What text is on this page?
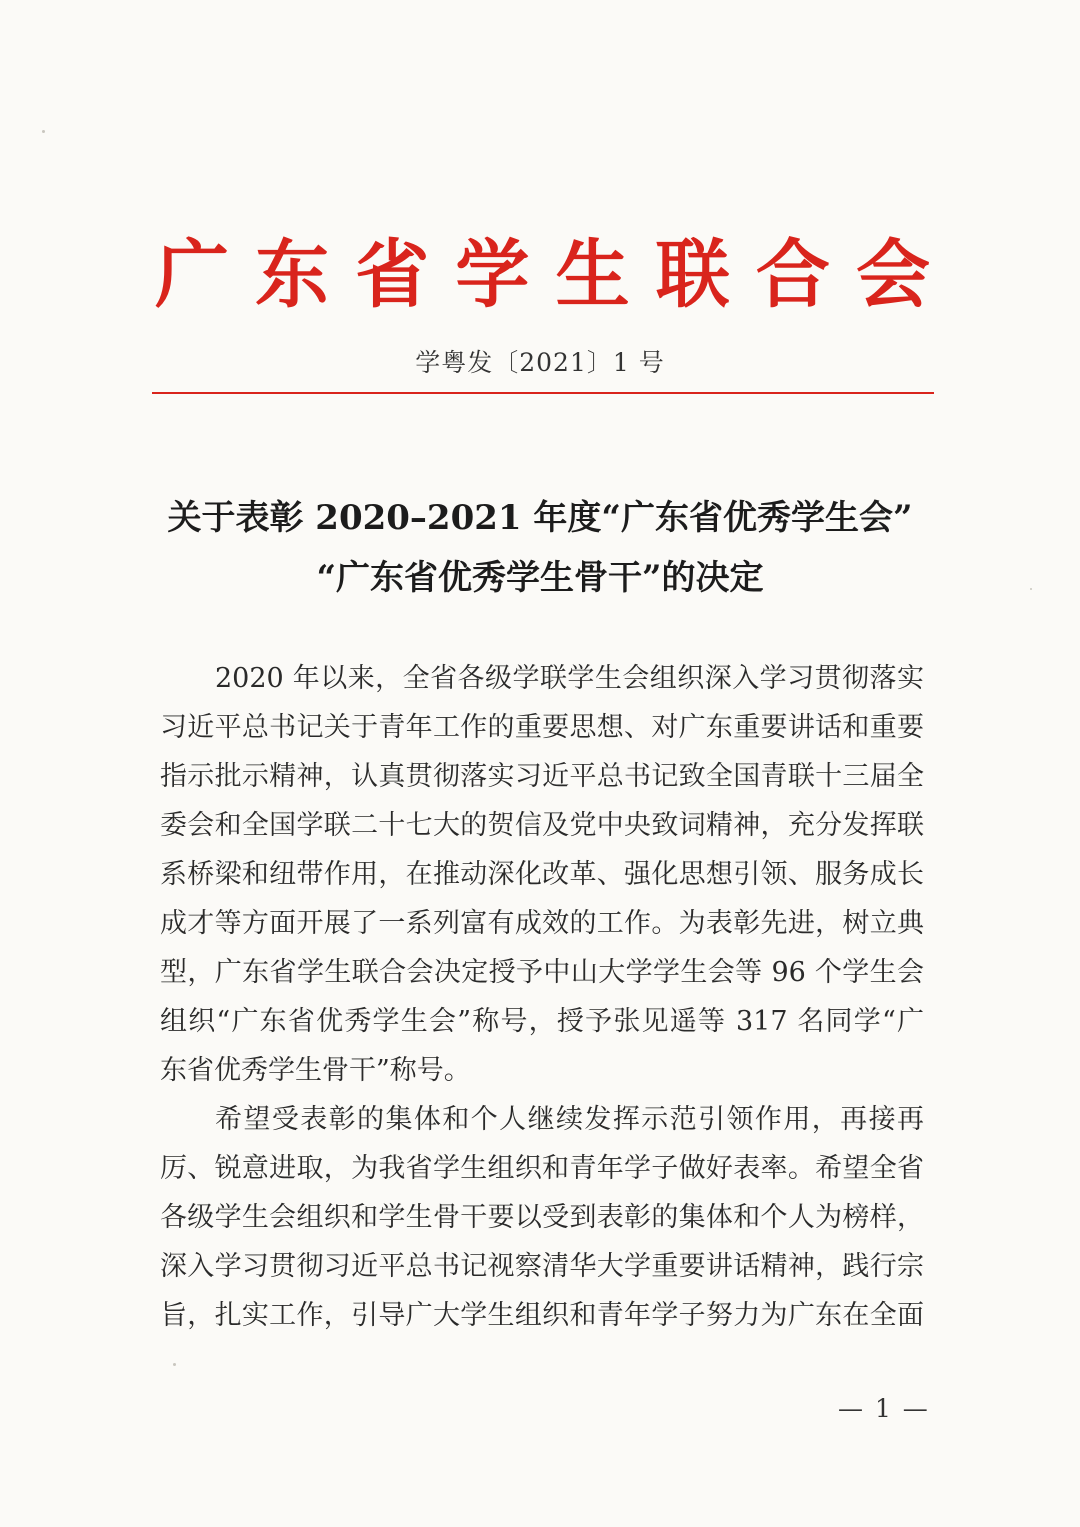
广 东 省 学 生 联 合 会
学粤发〔2021〕1 号
关于表彰 2020–2021 年度“广东省优秀学生会”
“广东省优秀学生骨干”的决定
2020 年以来，全省各级学联学生会组织深入学习贯彻落实
习近平总书记关于青年工作的重要思想、对广东重要讲话和重要
指示批示精神，认真贯彻落实习近平总书记致全国青联十三届全
委会和全国学联二十七大的贺信及党中央致词精神，充分发挥联
系桥梁和纽带作用，在推动深化改革、强化思想引领、服务成长
成才等方面开展了一系列富有成效的工作。为表彰先进，树立典
型，广东省学生联合会决定授予中山大学学生会等 96 个学生会
组织“广东省优秀学生会”称号，授予张见遥等 317 名同学“广
东省优秀学生骨干”称号。
希望受表彰的集体和个人继续发挥示范引领作用，再接再
厉、锐意进取，为我省学生组织和青年学子做好表率。希望全省
各级学生会组织和学生骨干要以受到表彰的集体和个人为榜样，
深入学习贯彻习近平总书记视察清华大学重要讲话精神，践行宗
旨，扎实工作，引导广大学生组织和青年学子努力为广东在全面
— 1 —
